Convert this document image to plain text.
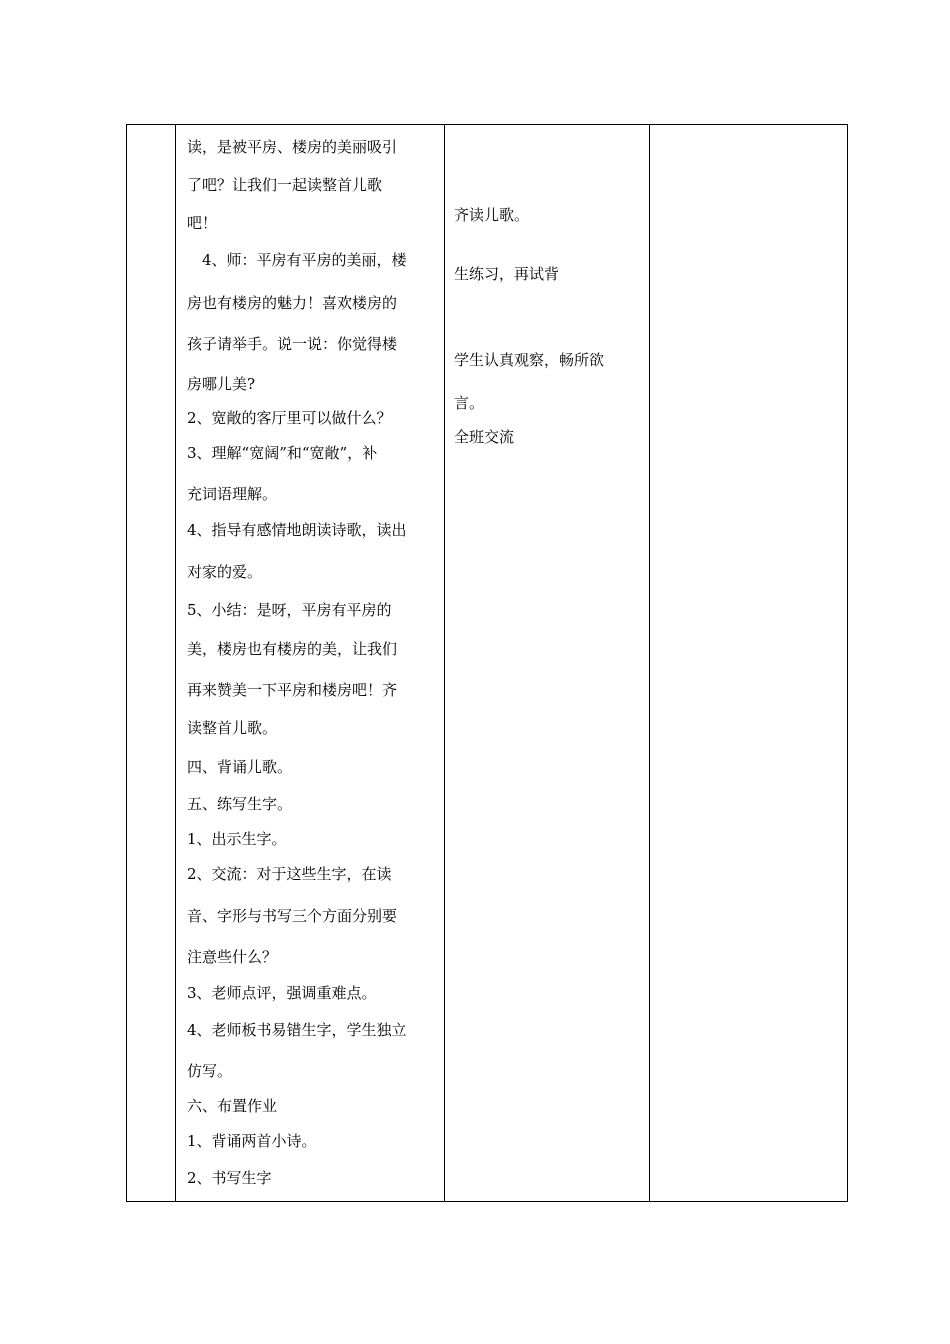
读，是被平房、楼房的美丽吸引
了吧？让我们一起读整首儿歌
吧！
　4、师：平房有平房的美丽，楼
房也有楼房的魅力！喜欢楼房的
孩子请举手。说一说：你觉得楼
房哪儿美?
2、宽敞的客厅里可以做什么？
3、理解“宽阔”和“宽敞”，补
充词语理解。
4、指导有感情地朗读诗歌，读出
对家的爱。
5、小结：是呀，平房有平房的
美，楼房也有楼房的美，让我们
再来赞美一下平房和楼房吧！齐
读整首儿歌。
四、背诵儿歌。
五、练写生字。
1、出示生字。
2、交流：对于这些生字，在读
音、字形与书写三个方面分别要
注意些什么？
3、老师点评，强调重难点。
4、老师板书易错生字，学生独立
仿写。
六、布置作业
1、背诵两首小诗。
2、书写生字
齐读儿歌。
生练习，再试背
学生认真观察，畅所欲
言。
全班交流
